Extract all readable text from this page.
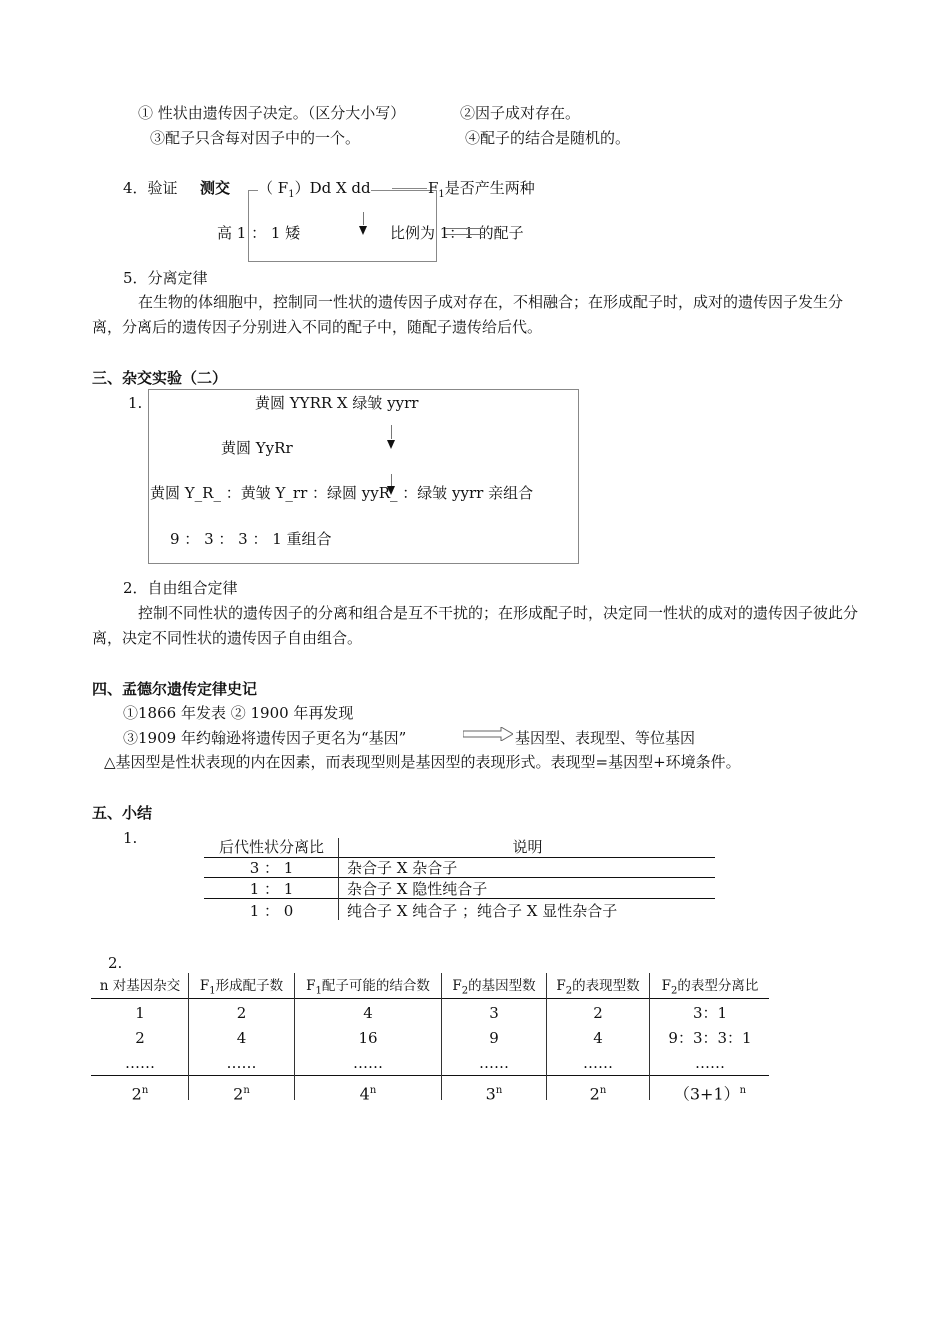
① 性状由遗传因子决定。（区分大小写）	②因子成对存在。
③配子只含每对因子中的一个。	④配子的结合是随机的。
4．验证 测交 （ $F_1)Dd$ X dd	$F_1$是否产生两种
高 1 ： 1 矮	比例为 1：1 的配子
5．分离定律
在生物的体细胞中，控制同一性状的遗传因子成对存在，不相融合；在形成配子时，成对的遗传因子发生分离，分离后的遗传因子分别进入不同的配子中，随配子遗传给后代。
三、杂交实验（二）
1.	黄圆 YYRR X 绿皱 yyrr
黄圆 YyRr
黄圆 Y_R_ ：黄皱 Y_rr ：绿圆 yyR_ ：绿皱 yyrr 亲组合
9 ： 3 ： 3 ： 1 重组合
2．自由组合定律
控制不同性状的遗传因子的分离和组合是互不干扰的；在形成配子时，决定同一性状的成对的遗传因子彼此分离，决定不同性状的遗传因子自由组合。
四、孟德尔遗传定律史记
①1866 年发表 ② 1900 年再发现
③1909 年约翰逊将遗传因子更名为“基因”	基因型、表现型、等位基因
△基因型是性状表现的内在因素，而表现型则是基因型的表现形式。表现型=基因型+环境条件。
五、小结
1.	后代性状分离比	说明
3 ： 1	杂合子 X 杂合子
1 ： 1	杂合子 X 隐性纯合子
1 ： 0	纯合子 X 纯合子 ；纯合子 X 显性杂合子
2.
n 对基因杂交	$F_1$形成配子数	$F_1$配子可能的结合数	$F_2$的基因型数	$F_2$的表现型数	$F_2$的表型分离比
1	2	4	3	2	3：1
2	4	16	9	4	9：3：3：1
……	……	……	……	……	……
2$^n$	2$^n$	4$^n$	3$^n$	2$^n$	$(3+1)^n$
